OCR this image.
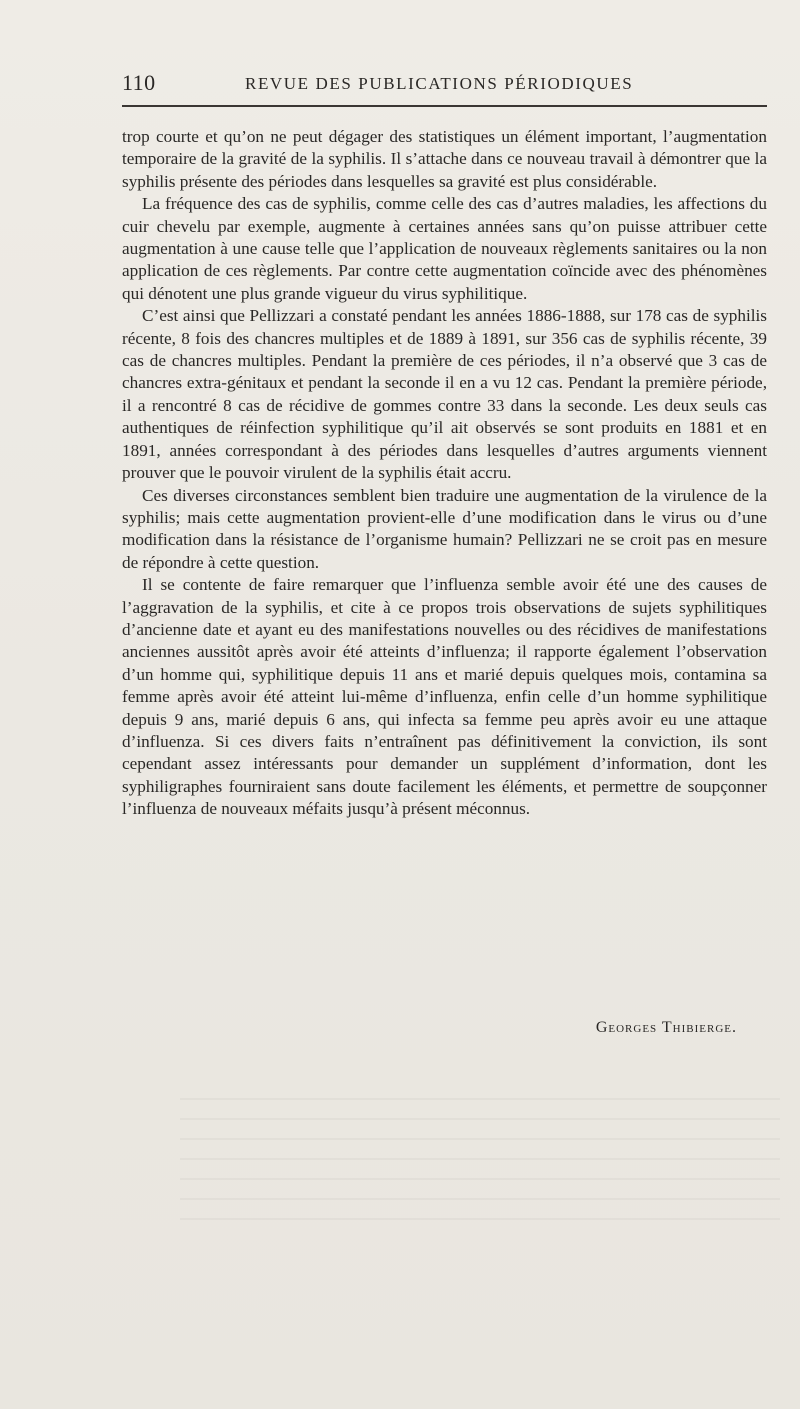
110	REVUE DES PUBLICATIONS PÉRIODIQUES

trop courte et qu’on ne peut dégager des statistiques un élément important, l’augmentation temporaire de la gravité de la syphilis. Il s’attache dans ce nouveau travail à démontrer que la syphilis présente des périodes dans lesquelles sa gravité est plus considérable.

La fréquence des cas de syphilis, comme celle des cas d’autres maladies, les affections du cuir chevelu par exemple, augmente à certaines années sans qu’on puisse attribuer cette augmentation à une cause telle que l’application de nouveaux règlements sanitaires ou la non application de ces règlements. Par contre cette augmentation coïncide avec des phénomènes qui dénotent une plus grande vigueur du virus syphilitique.

C’est ainsi que Pellizzari a constaté pendant les années 1886-1888, sur 178 cas de syphilis récente, 8 fois des chancres multiples et de 1889 à 1891, sur 356 cas de syphilis récente, 39 cas de chancres multiples. Pendant la première de ces périodes, il n’a observé que 3 cas de chancres extra-génitaux et pendant la seconde il en a vu 12 cas. Pendant la première période, il a rencontré 8 cas de récidive de gommes contre 33 dans la seconde. Les deux seuls cas authentiques de réinfection syphilitique qu’il ait observés se sont produits en 1881 et en 1891, années correspondant à des périodes dans lesquelles d’autres arguments viennent prouver que le pouvoir virulent de la syphilis était accru.

Ces diverses circonstances semblent bien traduire une augmentation de la virulence de la syphilis; mais cette augmentation provient-elle d’une modification dans le virus ou d’une modification dans la résistance de l’organisme humain? Pellizzari ne se croit pas en mesure de répondre à cette question.

Il se contente de faire remarquer que l’influenza semble avoir été une des causes de l’aggravation de la syphilis, et cite à ce propos trois observations de sujets syphilitiques d’ancienne date et ayant eu des manifestations nouvelles ou des récidives de manifestations anciennes aussitôt après avoir été atteints d’influenza; il rapporte également l’observation d’un homme qui, syphilitique depuis 11 ans et marié depuis quelques mois, contamina sa femme après avoir été atteint lui-même d’influenza, enfin celle d’un homme syphilitique depuis 9 ans, marié depuis 6 ans, qui infecta sa femme peu après avoir eu une attaque d’influenza. Si ces divers faits n’entraînent pas définitivement la conviction, ils sont cependant assez intéressants pour demander un supplément d’information, dont les syphiligraphes fourniraient sans doute facilement les éléments, et permettre de soupçonner l’influenza de nouveaux méfaits jusqu’à présent méconnus.

Georges Thibierge.
